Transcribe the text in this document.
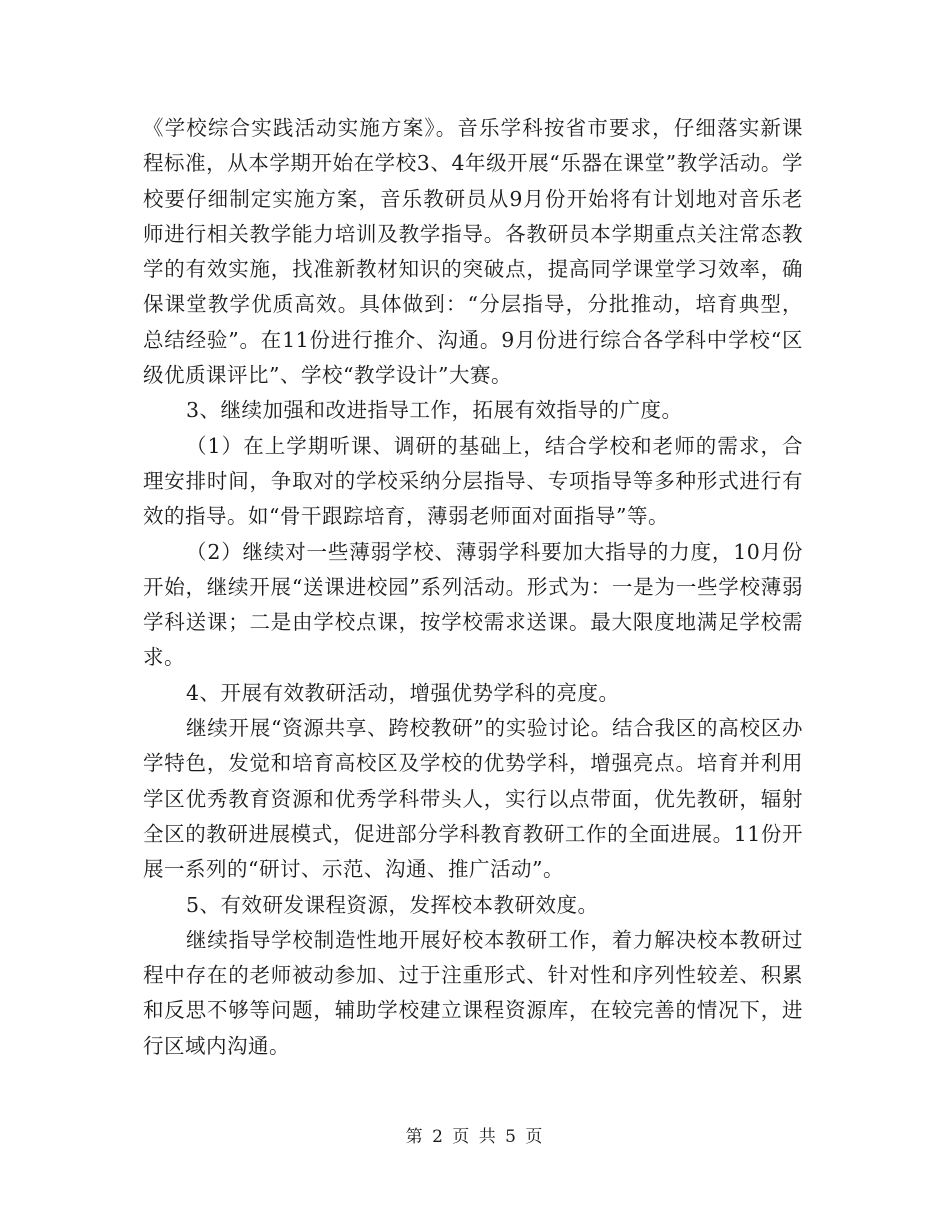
《学校综合实践活动实施方案》。音乐学科按省市要求，仔细落实新课程标准，从本学期开始在学校3、4年级开展“乐器在课堂”教学活动。学校要仔细制定实施方案，音乐教研员从9月份开始将有计划地对音乐老师进行相关教学能力培训及教学指导。各教研员本学期重点关注常态教学的有效实施，找准新教材知识的突破点，提高同学课堂学习效率，确保课堂教学优质高效。具体做到：“分层指导，分批推动，培育典型，总结经验”。在11份进行推介、沟通。9月份进行综合各学科中学校“区级优质课评比”、学校“教学设计”大赛。

3、继续加强和改进指导工作，拓展有效指导的广度。

（1）在上学期听课、调研的基础上，结合学校和老师的需求，合理安排时间，争取对的学校采纳分层指导、专项指导等多种形式进行有效的指导。如“骨干跟踪培育，薄弱老师面对面指导”等。

（2）继续对一些薄弱学校、薄弱学科要加大指导的力度，10月份开始，继续开展“送课进校园”系列活动。形式为：一是为一些学校薄弱学科送课；二是由学校点课，按学校需求送课。最大限度地满足学校需求。

4、开展有效教研活动，增强优势学科的亮度。

继续开展“资源共享、跨校教研”的实验讨论。结合我区的高校区办学特色，发觉和培育高校区及学校的优势学科，增强亮点。培育并利用学区优秀教育资源和优秀学科带头人，实行以点带面，优先教研，辐射全区的教研进展模式，促进部分学科教育教研工作的全面进展。11份开展一系列的“研讨、示范、沟通、推广活动”。

5、有效研发课程资源，发挥校本教研效度。

继续指导学校制造性地开展好校本教研工作，着力解决校本教研过程中存在的老师被动参加、过于注重形式、针对性和序列性较差、积累和反思不够等问题，辅助学校建立课程资源库，在较完善的情况下，进行区域内沟通。

第 2 页 共 5 页
